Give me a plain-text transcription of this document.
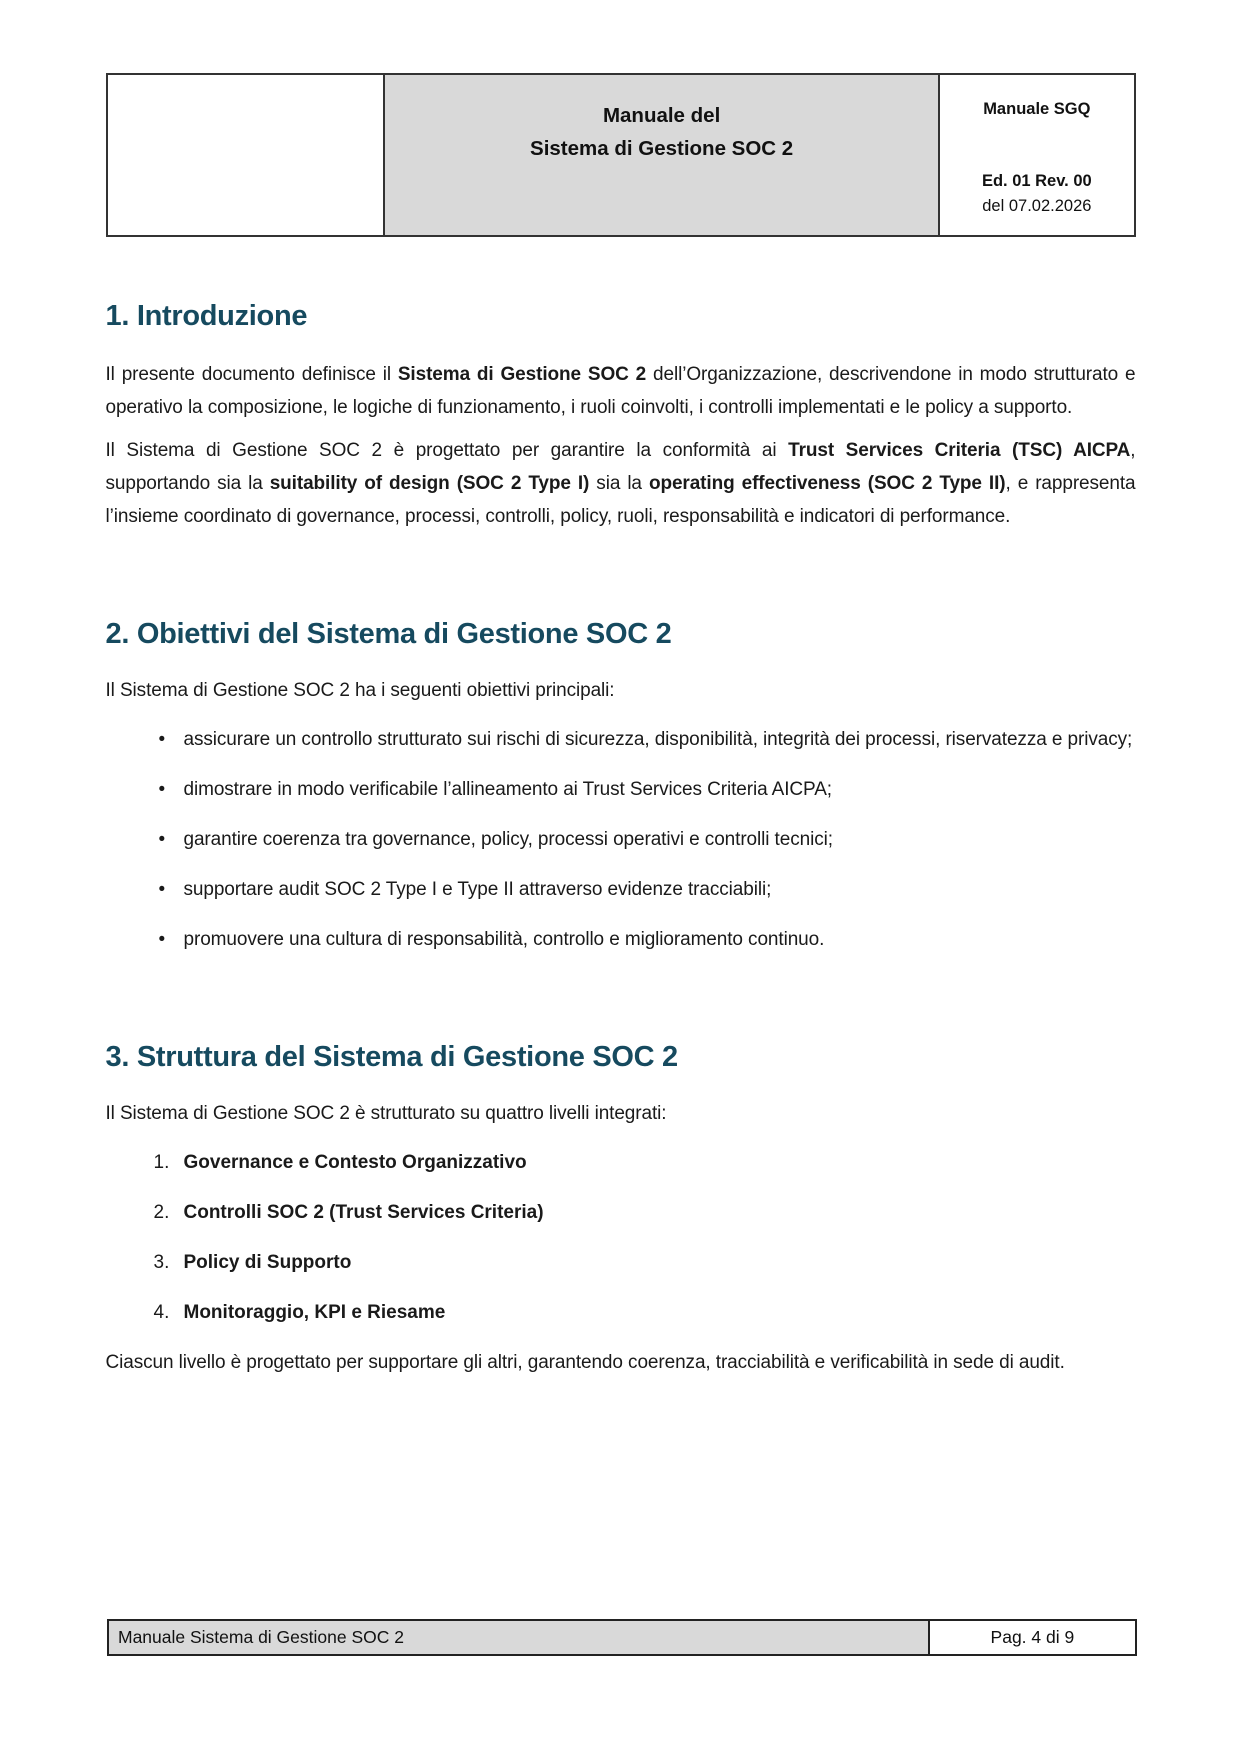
Manuale del
Sistema di Gestione SOC 2

Manuale SGQ
Ed. 01 Rev. 00
del 07.02.2026
1. Introduzione

Il presente documento definisce il Sistema di Gestione SOC 2 dell’Organizzazione, descrivendone in modo strutturato e operativo la composizione, le logiche di funzionamento, i ruoli coinvolti, i controlli implementati e le policy a supporto.

Il Sistema di Gestione SOC 2 è progettato per garantire la conformità ai Trust Services Criteria (TSC) AICPA, supportando sia la suitability of design (SOC 2 Type I) sia la operating effectiveness (SOC 2 Type II), e rappresenta l’insieme coordinato di governance, processi, controlli, policy, ruoli, responsabilità e indicatori di performance.

2. Obiettivi del Sistema di Gestione SOC 2

Il Sistema di Gestione SOC 2 ha i seguenti obiettivi principali:

• assicurare un controllo strutturato sui rischi di sicurezza, disponibilità, integrità dei processi, riservatezza e privacy;
• dimostrare in modo verificabile l’allineamento ai Trust Services Criteria AICPA;
• garantire coerenza tra governance, policy, processi operativi e controlli tecnici;
• supportare audit SOC 2 Type I e Type II attraverso evidenze tracciabili;
• promuovere una cultura di responsabilità, controllo e miglioramento continuo.
3. Struttura del Sistema di Gestione SOC 2

Il Sistema di Gestione SOC 2 è strutturato su quattro livelli integrati:

1. Governance e Contesto Organizzativo
2. Controlli SOC 2 (Trust Services Criteria)
3. Policy di Supporto
4. Monitoraggio, KPI e Riesame

Ciascun livello è progettato per supportare gli altri, garantendo coerenza, tracciabilità e verificabilità in sede di audit.

Manuale Sistema di Gestione SOC 2	Pag. 4 di 9
